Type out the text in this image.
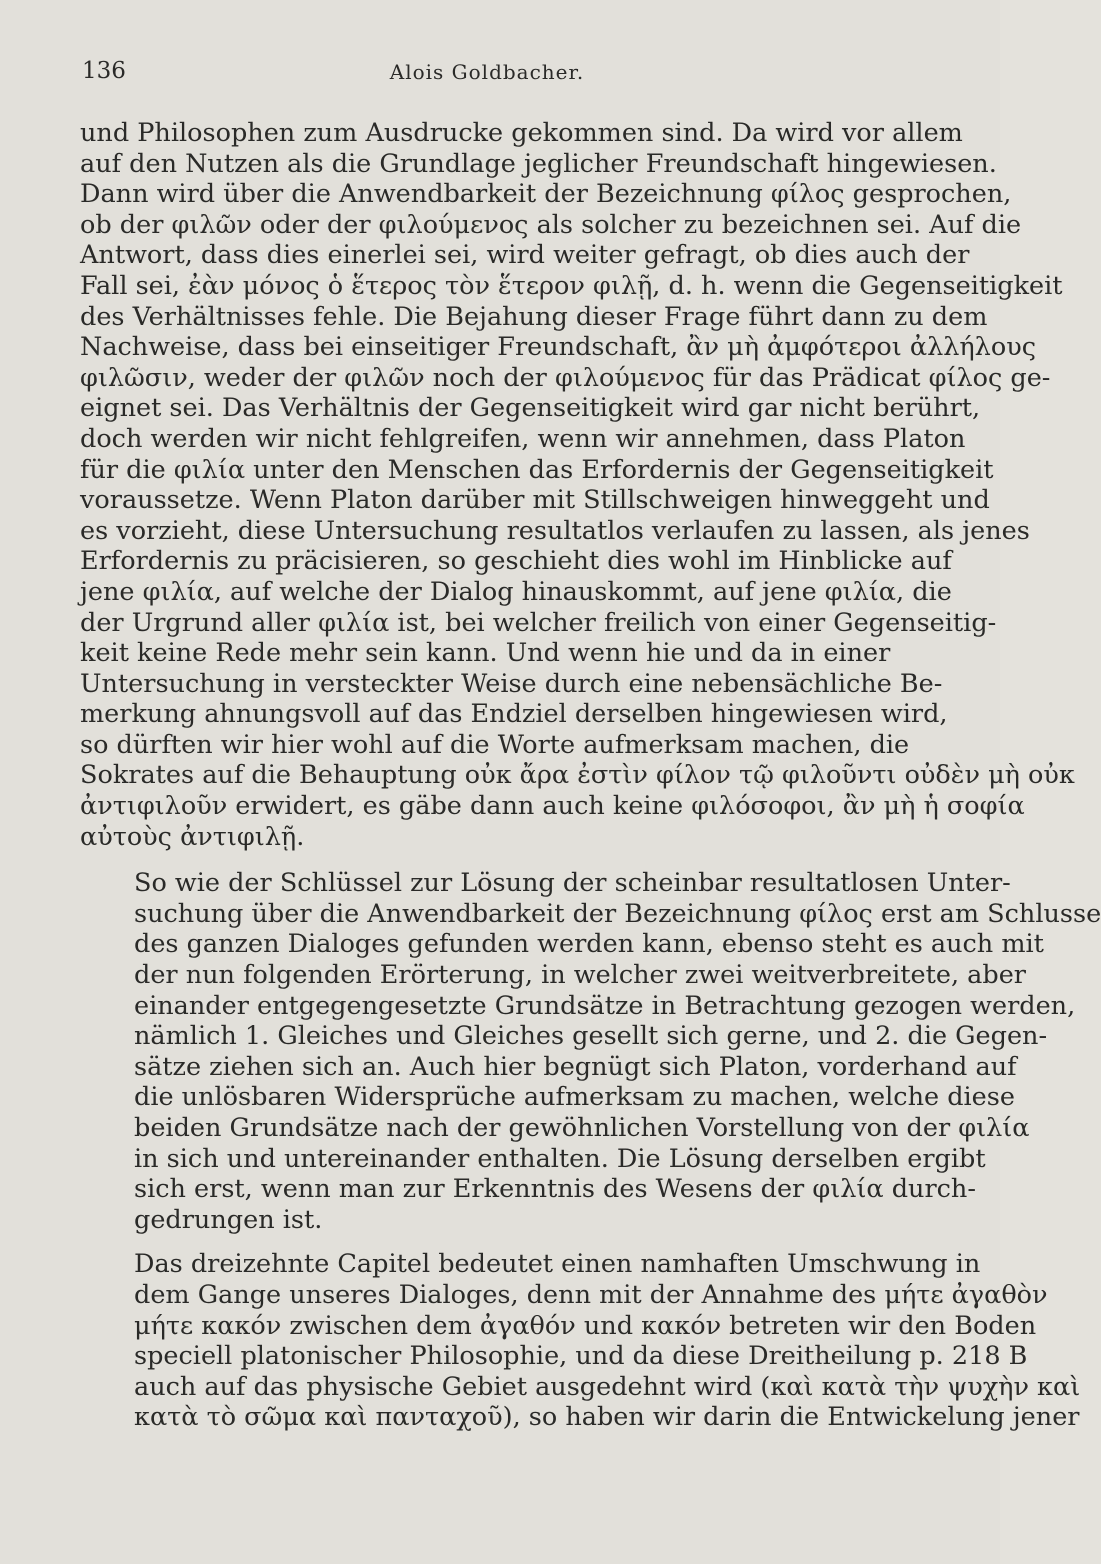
136	Alois Goldbacher.

und Philosophen zum Ausdrucke gekommen sind. Da wird vor allem
auf den Nutzen als die Grundlage jeglicher Freundschaft hingewiesen.
Dann wird über die Anwendbarkeit der Bezeichnung φίλος gesprochen,
ob der φιλῶν oder der φιλούμενος als solcher zu bezeichnen sei. Auf die
Antwort, dass dies einerlei sei, wird weiter gefragt, ob dies auch der
Fall sei, ἐὰν μόνος ὁ ἕτερος τὸν ἕτερον φιλῇ, d. h. wenn die Gegenseitigkeit
des Verhältnisses fehle. Die Bejahung dieser Frage führt dann zu dem
Nachweise, dass bei einseitiger Freundschaft, ἂν μὴ ἀμφότεροι ἀλλήλους
φιλῶσιν, weder der φιλῶν noch der φιλούμενος für das Prädicat φίλος ge-
eignet sei. Das Verhältnis der Gegenseitigkeit wird gar nicht berührt,
doch werden wir nicht fehlgreifen, wenn wir annehmen, dass Platon
für die φιλία unter den Menschen das Erfordernis der Gegenseitigkeit
voraussetze. Wenn Platon darüber mit Stillschweigen hinweggeht und
es vorzieht, diese Untersuchung resultatlos verlaufen zu lassen, als jenes
Erfordernis zu präcisieren, so geschieht dies wohl im Hinblicke auf
jene φιλία, auf welche der Dialog hinauskommt, auf jene φιλία, die
der Urgrund aller φιλία ist, bei welcher freilich von einer Gegenseitig-
keit keine Rede mehr sein kann. Und wenn hie und da in einer
Untersuchung in versteckter Weise durch eine nebensächliche Be-
merkung ahnungsvoll auf das Endziel derselben hingewiesen wird,
so dürften wir hier wohl auf die Worte aufmerksam machen, die
Sokrates auf die Behauptung οὐκ ἄρα ἐστὶν φίλον τῷ φιλοῦντι οὐδὲν μὴ οὐκ
ἀντιφιλοῦν erwidert, es gäbe dann auch keine φιλόσοφοι, ἂν μὴ ἡ σοφία
αὐτοὺς ἀντιφιλῇ.

So wie der Schlüssel zur Lösung der scheinbar resultatlosen Unter-
suchung über die Anwendbarkeit der Bezeichnung φίλος erst am Schlusse
des ganzen Dialoges gefunden werden kann, ebenso steht es auch mit
der nun folgenden Erörterung, in welcher zwei weitverbreitete, aber
einander entgegengesetzte Grundsätze in Betrachtung gezogen werden,
nämlich 1. Gleiches und Gleiches gesellt sich gerne, und 2. die Gegen-
sätze ziehen sich an. Auch hier begnügt sich Platon, vorderhand auf
die unlösbaren Widersprüche aufmerksam zu machen, welche diese
beiden Grundsätze nach der gewöhnlichen Vorstellung von der φιλία
in sich und untereinander enthalten. Die Lösung derselben ergibt
sich erst, wenn man zur Erkenntnis des Wesens der φιλία durch-
gedrungen ist.

Das dreizehnte Capitel bedeutet einen namhaften Umschwung in
dem Gange unseres Dialoges, denn mit der Annahme des μήτε ἀγαθὸν
μήτε κακόν zwischen dem ἀγαθόν und κακόν betreten wir den Boden
speciell platonischer Philosophie, und da diese Dreitheilung p. 218 B
auch auf das physische Gebiet ausgedehnt wird (καὶ κατὰ τὴν ψυχὴν καὶ
κατὰ τὸ σῶμα καὶ πανταχοῦ), so haben wir darin die Entwickelung jener
